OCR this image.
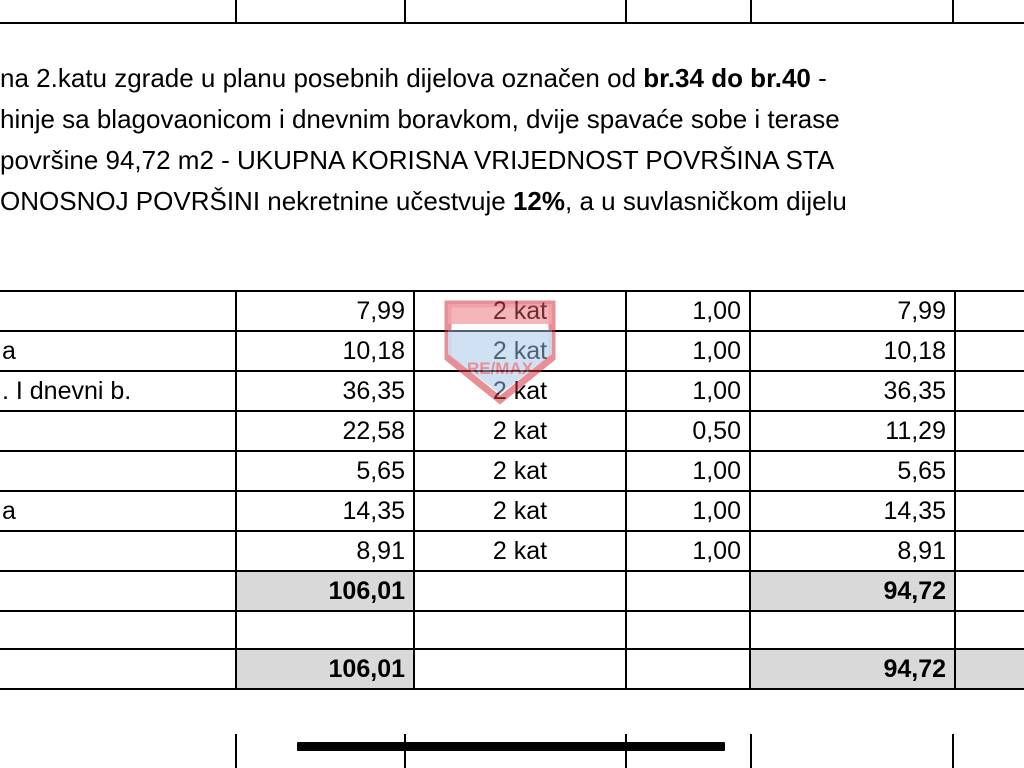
na 2.katu zgrade u planu posebnih dijelova označen od br.34 do br.40 -
hinje sa blagovaonicom i dnevnim boravkom, dvije spavaće sobe i terase
površine 94,72 m2 - UKUPNA KORISNA VRIJEDNOST POVRŠINA STA
ONOSNOJ POVRŠINI nekretnine učestvuje 12%, a u suvlasničkom dijelu
	7,99	2 kat	1,00	7,99	
a	10,18	2 kat	1,00	10,18	
. I dnevni b.	36,35	2 kat	1,00	36,35	
	22,58	2 kat	0,50	11,29	
	5,65	2 kat	1,00	5,65	
a	14,35	2 kat	1,00	14,35	
	8,91	2 kat	1,00	8,91	
	106,01			94,72	

	106,01			94,72	
RE/MAX
